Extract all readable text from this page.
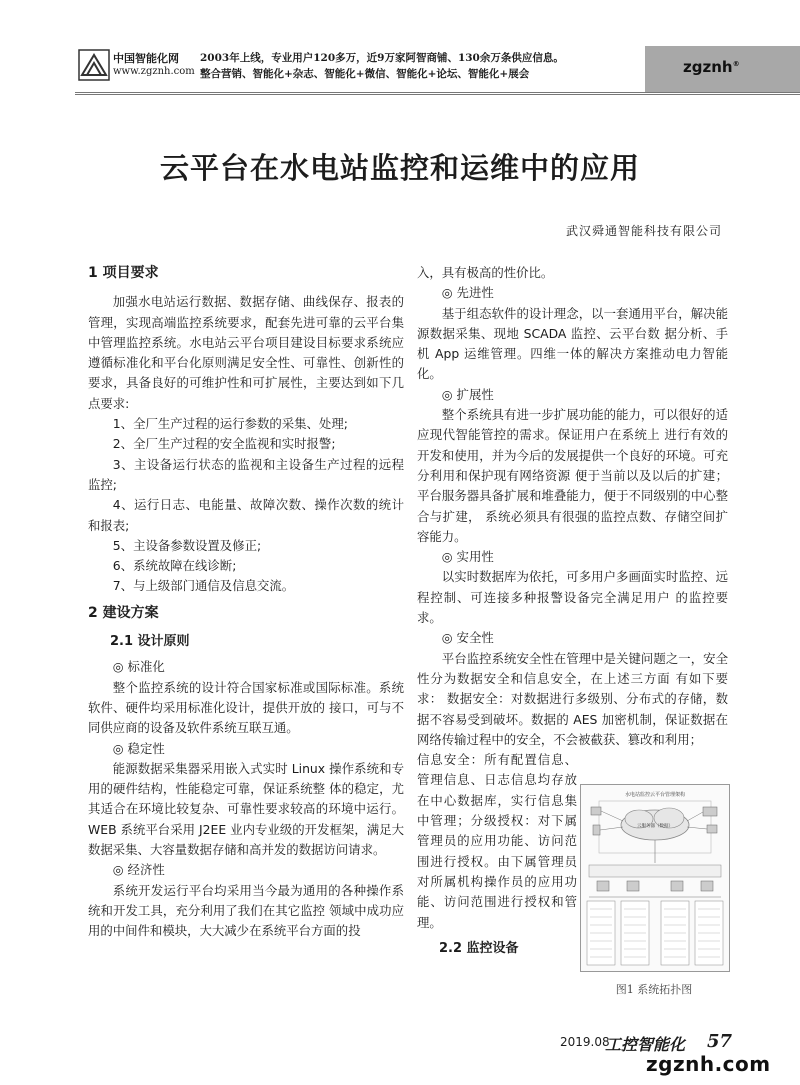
中国智能化网
www.zgznh.com
2003年上线，专业用户120多万，近9万家阿智商铺、130余万条供应信息。
整合营销、智能化+杂志、智能化+微信、智能化+论坛、智能化+展会	zgznh®
云平台在水电站监控和运维中的应用
武汉舜通智能科技有限公司

1 项目要求

加强水电站运行数据、数据存储、曲线保存、报表的管理，实现高端监控系统要求，配套先进可靠的云平台集中管理监控系统。水电站云平台项目建设目标要求系统应遵循标准化和平台化原则满足安全性、可靠性、创新性的要求，具备良好的可维护性和可扩展性，主要达到如下几点要求:

1、全厂生产过程的运行参数的采集、处理;

2、全厂生产过程的安全监视和实时报警;

3、主设备运行状态的监视和主设备生产过程的远程监控;

4、运行日志、电能量、故障次数、操作次数的统计和报表;

5、主设备参数设置及修正;

6、系统故障在线诊断;

7、与上级部门通信及信息交流。

2 建设方案

2.1 设计原则

◎ 标准化

整个监控系统的设计符合国家标准或国际标准。系统软件、硬件均采用标准化设计，提供开放的 接口，可与不同供应商的设备及软件系统互联互通。

◎ 稳定性

能源数据采集器采用嵌入式实时 Linux 操作系统和专用的硬件结构，性能稳定可靠，保证系统整 体的稳定，尤其适合在环境比较复杂、可靠性要求较高的环境中运行。WEB 系统平台采用 J2EE 业内专业级的开发框架，满足大数据采集、大容量数据存储和高并发的数据访问请求。

◎ 经济性

系统开发运行平台均采用当今最为通用的各种操作系统和开发工具，充分利用了我们在其它监控 领域中成功应用的中间件和模块，大大减少在系统平台方面的投

入，具有极高的性价比。

◎ 先进性

基于组态软件的设计理念，以一套通用平台，解决能源数据采集、现地 SCADA 监控、云平台数 据分析、手机 App 运维管理。四维一体的解决方案推动电力智能化。

◎ 扩展性

整个系统具有进一步扩展功能的能力，可以很好的适应现代智能管控的需求。保证用户在系统上 进行有效的开发和使用，并为今后的发展提供一个良好的环境。可充分利用和保护现有网络资源 便于当前以及以后的扩建；平台服务器具备扩展和堆叠能力，便于不同级别的中心整合与扩建， 系统必须具有很强的监控点数、存储空间扩容能力。

◎ 实用性

以实时数据库为依托，可多用户多画面实时监控、远程控制、可连接多种报警设备完全满足用户 的监控要求。

◎ 安全性

平台监控系统安全性在管理中是关键问题之一，安全性分为数据安全和信息安全，在上述三方面 有如下要求： 数据安全：对数据进行多级别、分布式的存储，数据不容易受到破坏。数据的 AES 加密机制，保证数据在网络传输过程中的安全，不会被截获、篡改和利用；

信息安全：所有配置信息、管理信息、日志信息均存放在中心数据库，实行信息集中管理；分级授权：对下属管理员的应用功能、访问范围进行授权。由下属管理员对所属机构操作员的应用功能、访问范围进行授权和管理。

2.2 监控设备

水电站监控云平台管理架构
云服务器（数据）
图1 系统拓扑图
2019.08
工控智能化 57
zgznh.com
